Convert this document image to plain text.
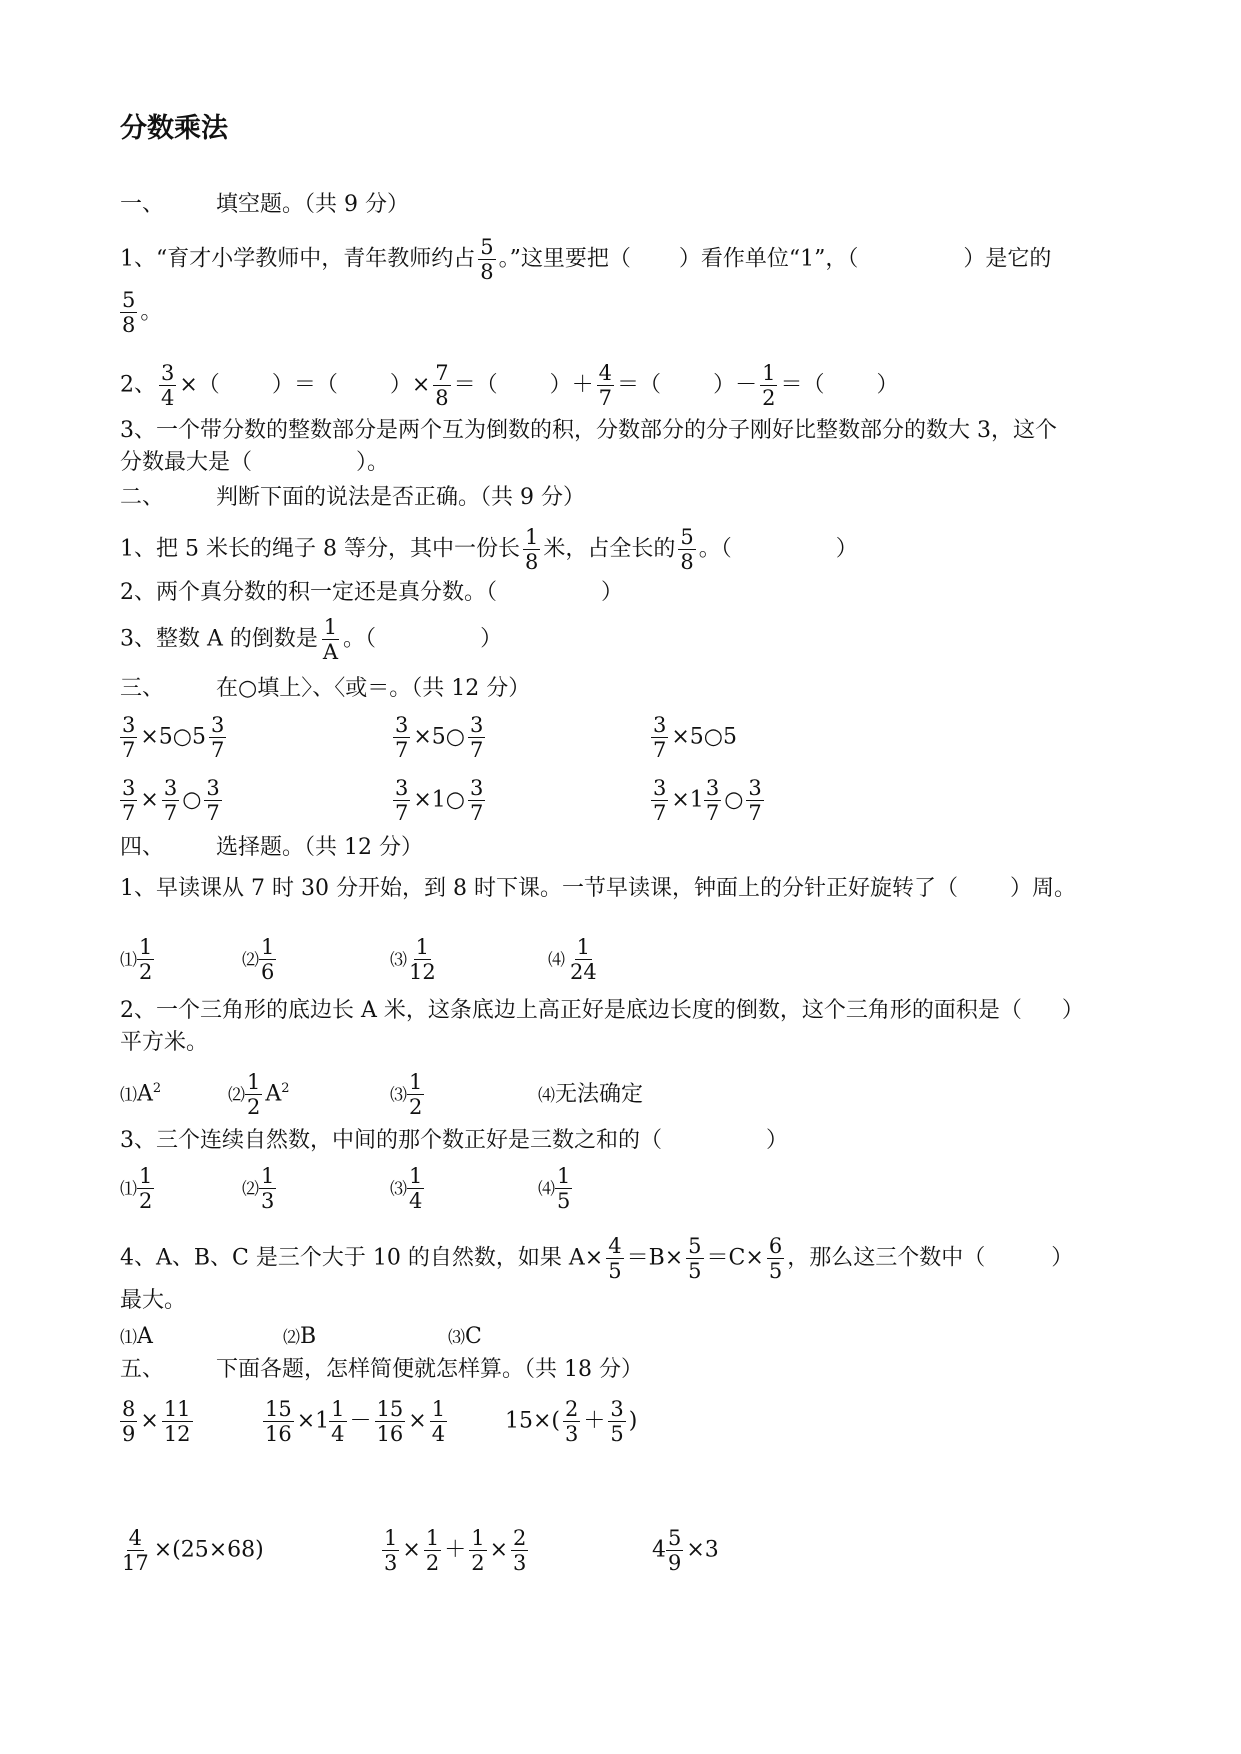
分数乘法
一、 填空题。（共 9 分）
1、“育才小学教师中，青年教师约占 $\frac{5}{8}$ 。”这里要把（ ）看作单位“1”，（	）是它的
$\frac{5}{8}$ 。
2、 $\frac{3}{4}$ ×（ ）＝（ ）× $\frac{7}{8}$ ＝（ ）＋ $\frac{4}{7}$ ＝（ ）－ $\frac{1}{2}$ ＝（ ）
3、一个带分数的整数部分是两个互为倒数的积，分数部分的分子刚好比整数部分的数大 3，这个
分数最大是（	）。
二、 判断下面的说法是否正确。（共 9 分）
1、把 5 米长的绳子 8 等分，其中一份长 $\frac{1}{8}$ 米，占全长的 $\frac{5}{8}$ 。（	）
2、两个真分数的积一定还是真分数。（	）
3、整数 A 的倒数是 $\frac{1}{A}$ 。（	）
三、 在○填上〉、〈或＝。（共 12 分）
$\frac{3}{7}$ ×5○5 $\frac{3}{7}$	$\frac{3}{7}$ ×5○ $\frac{3}{7}$	$\frac{3}{7}$ ×5○5
$\frac{3}{7} \times \frac{3}{7}$ ○ $\frac{3}{7}$	$\frac{3}{7}$ ×1○ $\frac{3}{7}$	$\frac{3}{7} \times 1 \frac{3}{7}$ ○ $\frac{3}{7}$
四、 选择题。（共 12 分）
1、早读课从 7 时 30 分开始，到 8 时下课。一节早读课，钟面上的分针正好旋转了（ ）周。
⑴ $\frac{1}{2}$	⑵ $\frac{1}{6}$	⑶ $\frac{1}{12}$	⑷ $\frac{1}{24}$
2、一个三角形的底边长 A 米，这条底边上高正好是底边长度的倒数，这个三角形的面积是（ ）
平方米。
$⑴A^2$	⑵ $\frac{1}{2} A^2$	⑶ $\frac{1}{2}$	⑷无法确定
3、三个连续自然数，中间的那个数正好是三数之和的（	）
⑴ $\frac{1}{2}$	⑵ $\frac{1}{3}$	⑶ $\frac{1}{4}$	⑷ $\frac{1}{5}$
4、A、B、C 是三个大于 10 的自然数，如果 $A\times \frac{4}{5} =B\times \frac{5}{5} =C\times \frac{6}{5}$ ，那么这三个数中（	）
最大。
⑴A	⑵B	⑶C
五、 下面各题，怎样简便就怎样算。（共 18 分）
$\frac{8}{9} \times \frac{11}{12}$	$\frac{15}{16} \times 1 \frac{1}{4} - \frac{15}{16} \times \frac{1}{4}$	$15\times( \frac{2}{3} + \frac{3}{5}$ )
$\frac{4}{17} \times(25\times 68)$	$\frac{1}{3} \times \frac{1}{2} + \frac{1}{2} \times \frac{2}{3}$	$4 \frac{5}{9} \times 3$
